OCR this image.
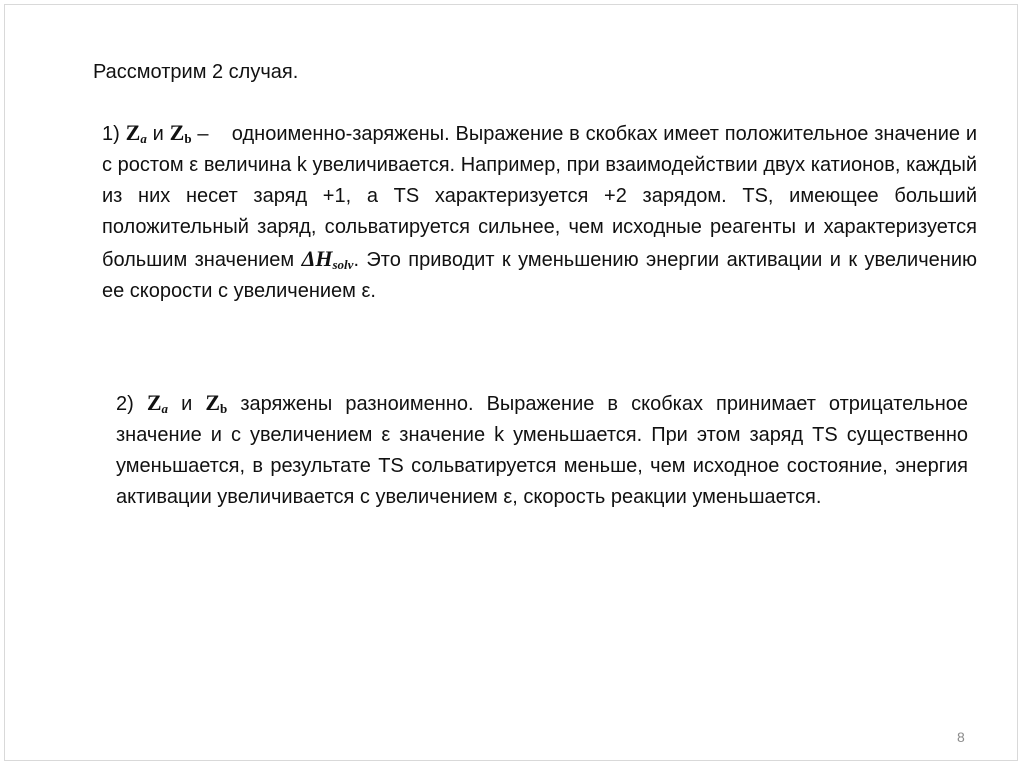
Рассмотрим 2 случая.
1) $Z_a$ и $Z_b$ – одноименно-заряжены. Выражение в скобках имеет положительное значение и с ростом ε величина k увеличивается. Например, при взаимодействии двух катионов, каждый из них несет заряд +1, а TS характеризуется +2 зарядом. TS, имеющее больший положительный заряд, сольватируется сильнее, чем исходные реагенты и характеризуется большим значением $\Delta H_{solv}$. Это приводит к уменьшению энергии активации и к увеличению ее скорости с увеличением ε.
2) $Z_a$ и $Z_b$ заряжены разноименно. Выражение в скобках принимает отрицательное значение и с увеличением ε значение k уменьшается. При этом заряд TS существенно уменьшается, в результате TS сольватируется меньше, чем исходное состояние, энергия активации увеличивается с увеличением ε, скорость реакции уменьшается.
8
